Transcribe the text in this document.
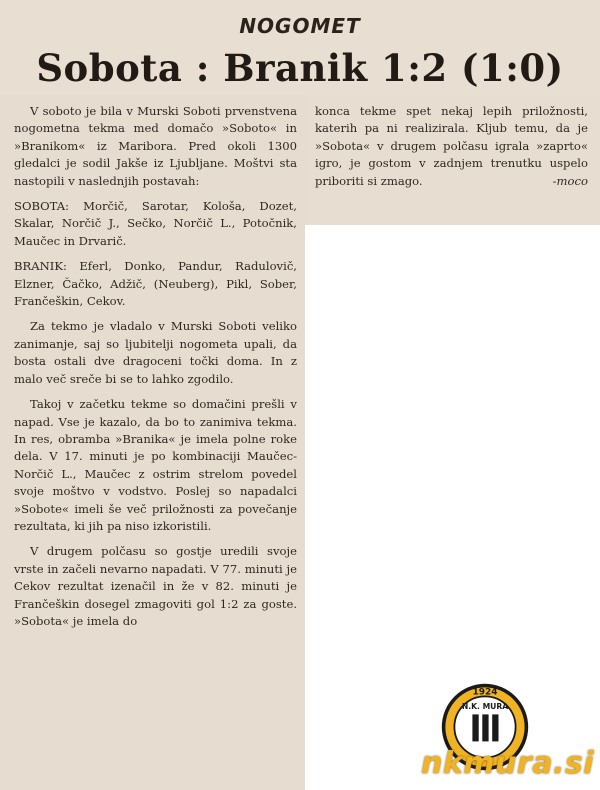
NOGOMET
Sobota : Branik 1:2 (1:0)

V soboto je bila v Murski Soboti prvenstvena nogometna tekma med domačo »Soboto« in »Branikom« iz Maribora. Pred okoli 1300 gledalci je sodil Jakše iz Ljubljane. Moštvi sta nastopili v naslednjih postavah:

SOBOTA: Morčič, Sarotar, Kološa, Dozet, Skalar, Norčič J., Sečko, Norčič L., Potočnik, Maučec in Drvarič.

BRANIK: Eferl, Donko, Pandur, Radulovič, Elzner, Čačko, Adžič, (Neuberg), Pikl, Sober, Frančeškin, Cekov.

Za tekmo je vladalo v Murski Soboti veliko zanimanje, saj so ljubitelji nogometa upali, da bosta ostali dve dragoceni točki doma. In z malo več sreče bi se to lahko zgodilo.

Takoj v začetku tekme so domačini prešli v napad. Vse je kazalo, da bo to zanimiva tekma. In res, obramba »Branika« je imela polne roke dela. V 17. minuti je po kombinaciji Maučec-Norčič L., Maučec z ostrim strelom povedel svoje moštvo v vodstvo. Poslej so napadalci »Sobote« imeli še več priložnosti za povečanje rezultata, ki jih pa niso izkoristili.

V drugem polčasu so gostje uredili svoje vrste in začeli nevarno napadati. V 77. minuti je Cekov rezultat izenačil in že v 82. minuti je Frančeškin dosegel zmagoviti gol 1:2 za goste. »Sobota« je imela do

konca tekme spet nekaj lepih priložnosti, katerih pa ni realizirala. Kljub temu, da je »Sobota« v drugem polčasu igrala »zaprto« igro, je gostom v zadnjem trenutku uspelo priboriti si zmago.	-moco

1924
N.K. MURA
nkmura.si
